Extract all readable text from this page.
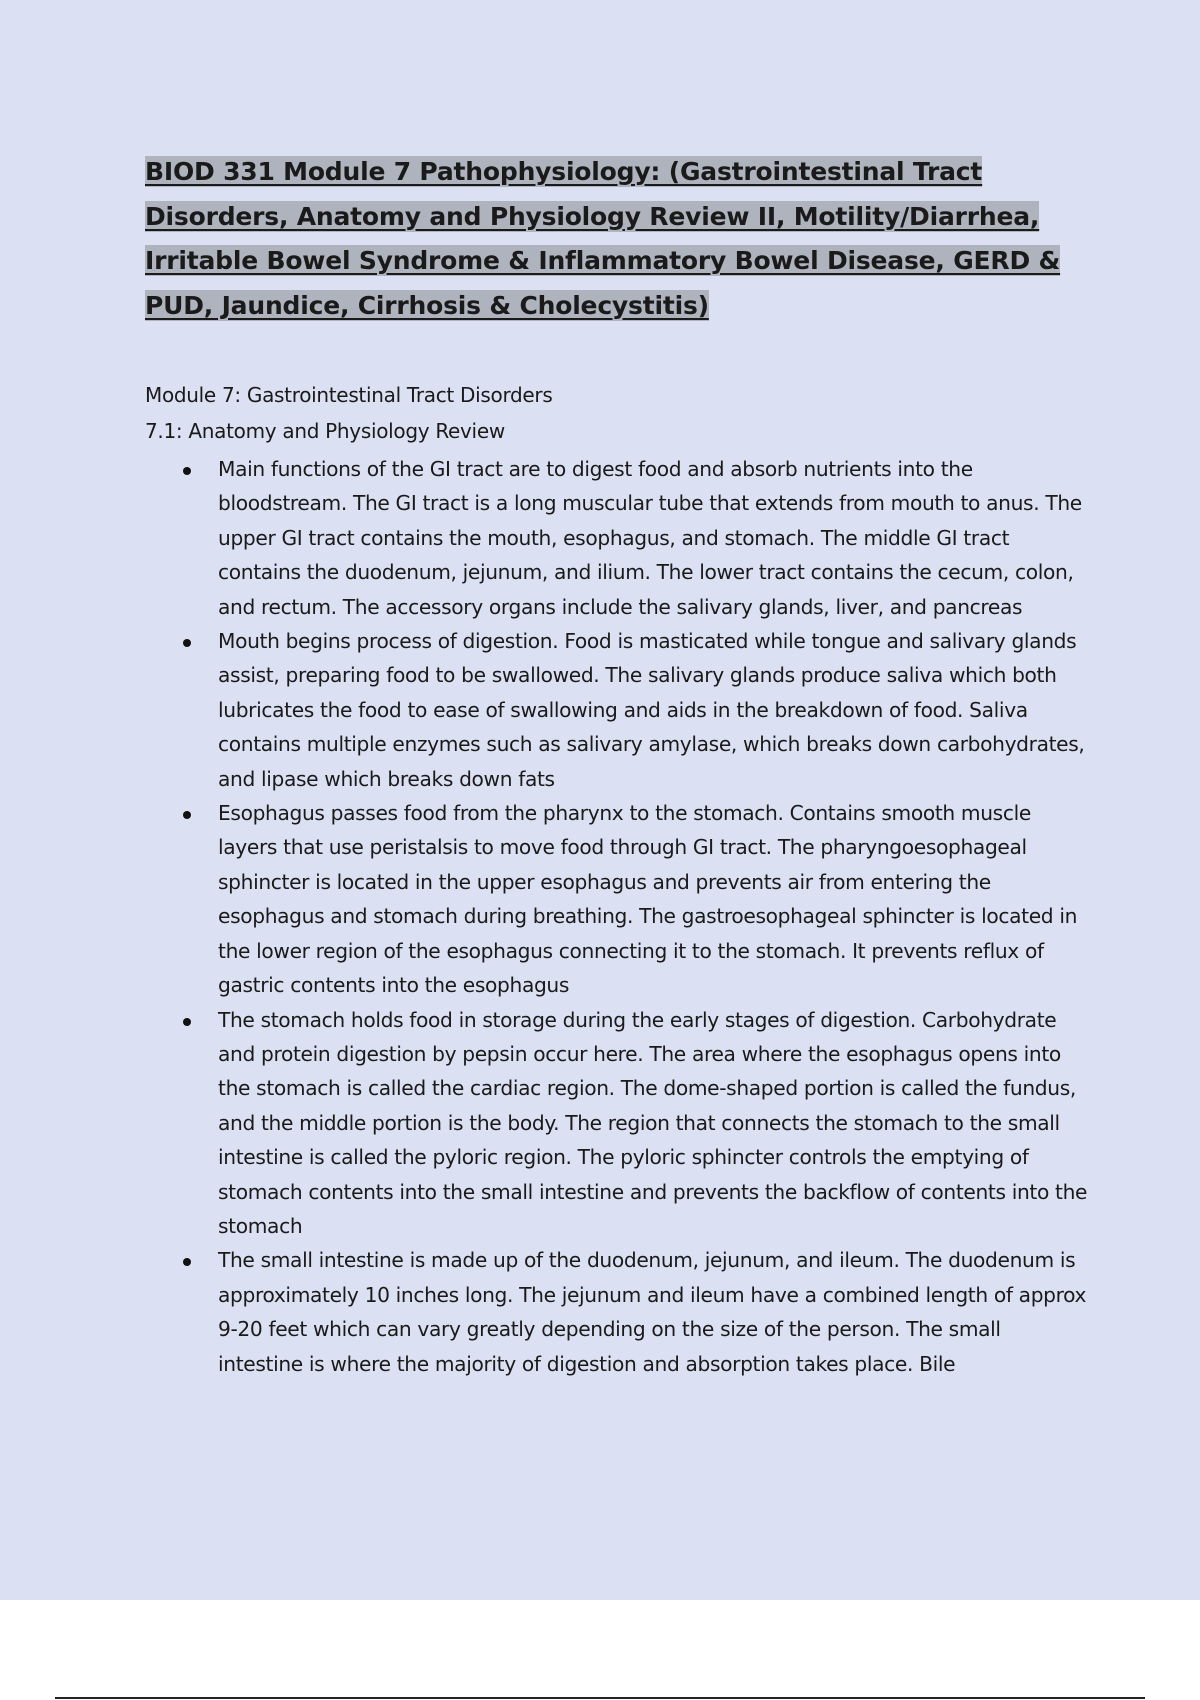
BIOD 331 Module 7 Pathophysiology: (Gastrointestinal Tract Disorders, Anatomy and Physiology Review II, Motility/Diarrhea, Irritable Bowel Syndrome & Inflammatory Bowel Disease, GERD & PUD, Jaundice, Cirrhosis & Cholecystitis)
Module 7: Gastrointestinal Tract Disorders
7.1: Anatomy and Physiology Review
Main functions of the GI tract are to digest food and absorb nutrients into the bloodstream. The GI tract is a long muscular tube that extends from mouth to anus. The upper GI tract contains the mouth, esophagus, and stomach. The middle GI tract contains the duodenum, jejunum, and ilium. The lower tract contains the cecum, colon, and rectum. The accessory organs include the salivary glands, liver, and pancreas
Mouth begins process of digestion. Food is masticated while tongue and salivary glands assist, preparing food to be swallowed. The salivary glands produce saliva which both lubricates the food to ease of swallowing and aids in the breakdown of food. Saliva contains multiple enzymes such as salivary amylase, which breaks down carbohydrates, and lipase which breaks down fats
Esophagus passes food from the pharynx to the stomach. Contains smooth muscle layers that use peristalsis to move food through GI tract. The pharyngoesophageal sphincter is located in the upper esophagus and prevents air from entering the esophagus and stomach during breathing. The gastroesophageal sphincter is located in the lower region of the esophagus connecting it to the stomach. It prevents reflux of gastric contents into the esophagus
The stomach holds food in storage during the early stages of digestion. Carbohydrate and protein digestion by pepsin occur here. The area where the esophagus opens into the stomach is called the cardiac region. The dome-shaped portion is called the fundus, and the middle portion is the body. The region that connects the stomach to the small intestine is called the pyloric region. The pyloric sphincter controls the emptying of stomach contents into the small intestine and prevents the backflow of contents into the stomach
The small intestine is made up of the duodenum, jejunum, and ileum. The duodenum is approximately 10 inches long. The jejunum and ileum have a combined length of approx 9-20 feet which can vary greatly depending on the size of the person. The small intestine is where the majority of digestion and absorption takes place. Bile
